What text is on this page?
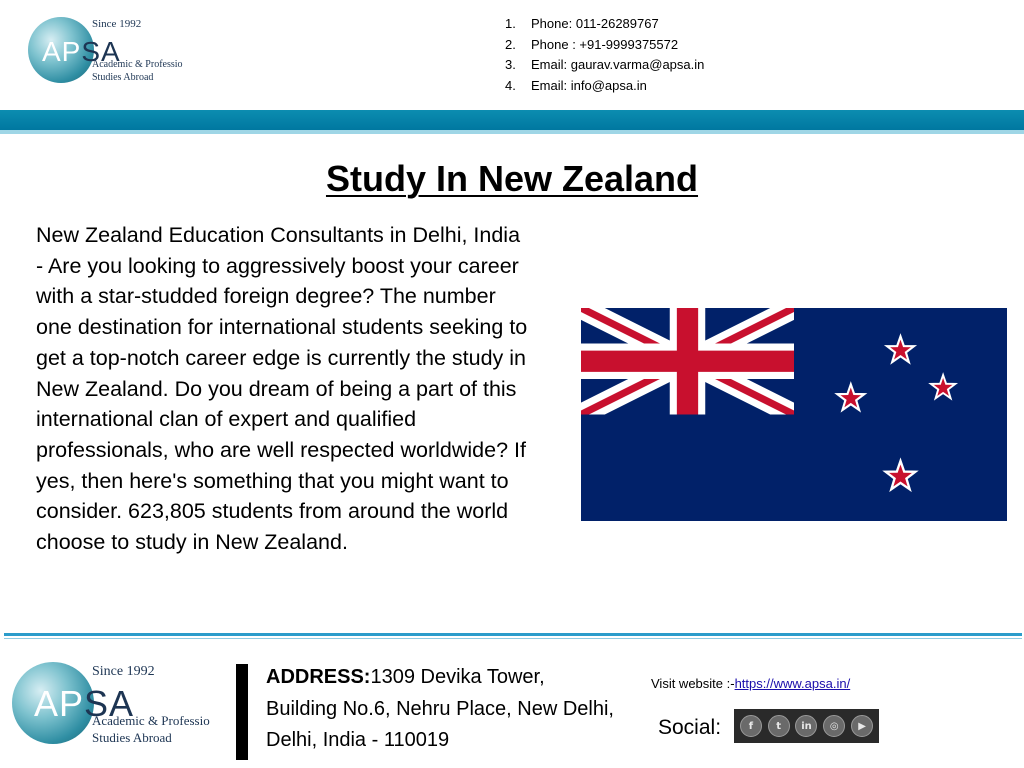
APSA
Since 1992
Academic & Professio
Studies Abroad
1. Phone: 011-26289767
2. Phone : +91-9999375572
3. Email: gaurav.varma@apsa.in
4. Email: info@apsa.in
Study In New Zealand
New Zealand Education Consultants in Delhi, India - Are you looking to aggressively boost your career with a star-studded foreign degree? The number one destination for international students seeking to get a top-notch career edge is currently the study in New Zealand. Do you dream of being a part of this international clan of expert and qualified professionals, who are well respected worldwide? If yes, then here's something that you might want to consider. 623,805 students from around the world choose to study in New Zealand.
APSA
Since 1992
Academic & Professio
Studies Abroad
ADDRESS:1309 Devika Tower, Building No.6, Nehru Place, New Delhi, Delhi, India - 110019
Visit website :-https://www.apsa.in/
Social:	f	t	in	◎	▶
